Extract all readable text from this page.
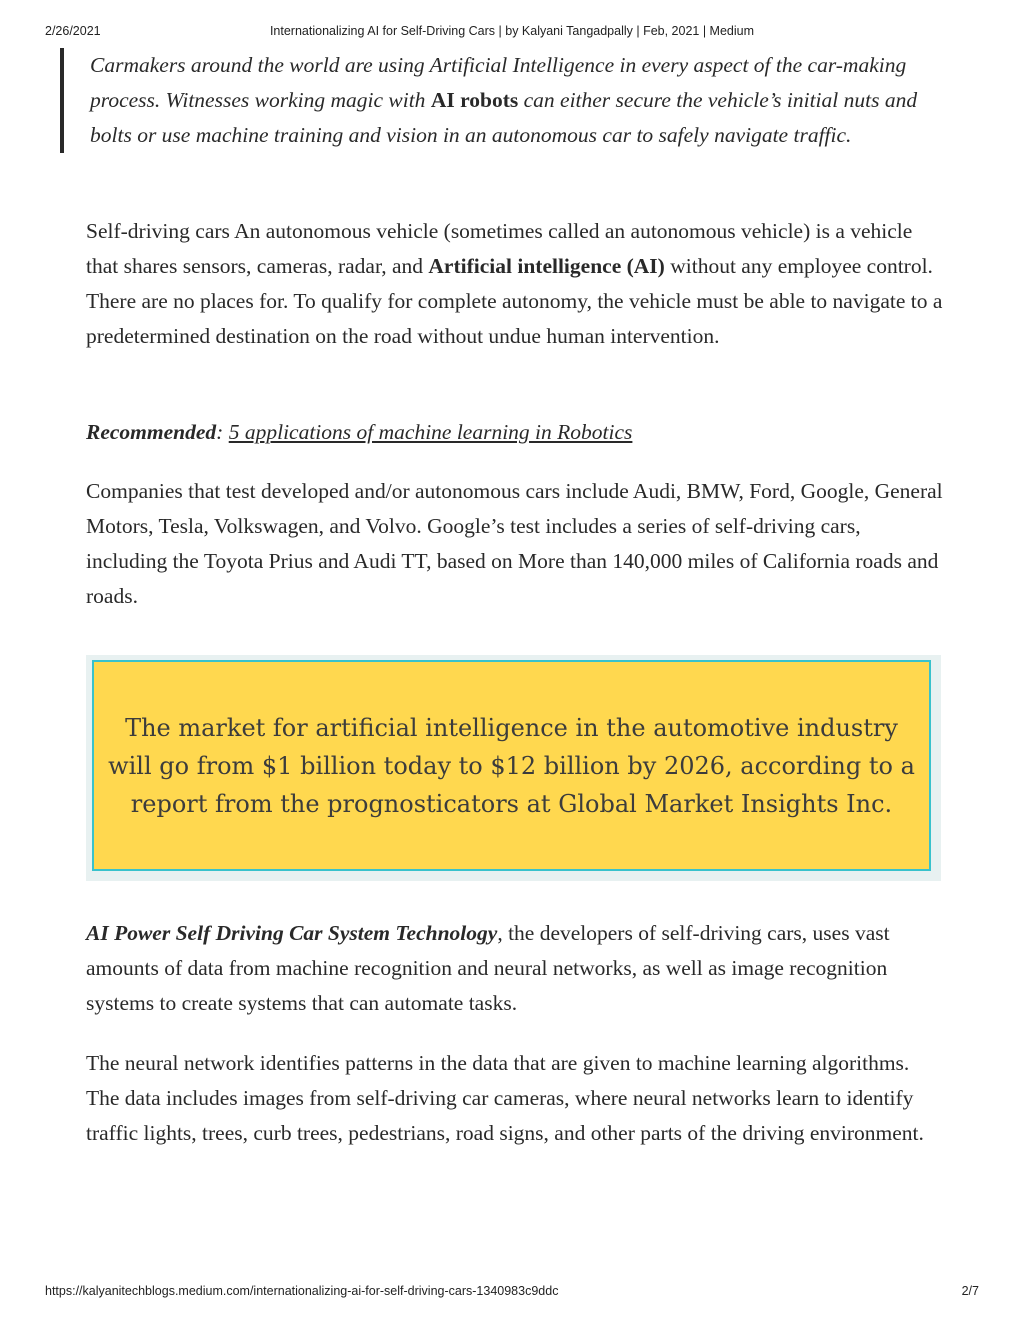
2/26/2021	Internationalizing AI for Self-Driving Cars | by Kalyani Tangadpally | Feb, 2021 | Medium
Carmakers around the world are using Artificial Intelligence in every aspect of the car-making process. Witnesses working magic with AI robots can either secure the vehicle’s initial nuts and bolts or use machine training and vision in an autonomous car to safely navigate traffic.

Self-driving cars An autonomous vehicle (sometimes called an autonomous vehicle) is a vehicle that shares sensors, cameras, radar, and Artificial intelligence (AI) without any employee control. There are no places for. To qualify for complete autonomy, the vehicle must be able to navigate to a predetermined destination on the road without undue human intervention.

Recommended: 5 applications of machine learning in Robotics

Companies that test developed and/or autonomous cars include Audi, BMW, Ford, Google, General Motors, Tesla, Volkswagen, and Volvo. Google’s test includes a series of self-driving cars, including the Toyota Prius and Audi TT, based on More than 140,000 miles of California roads and roads.

The market for artificial intelligence in the automotive industry will go from $1 billion today to $12 billion by 2026, according to a report from the prognosticators at Global Market Insights Inc.

AI Power Self Driving Car System Technology, the developers of self-driving cars, uses vast amounts of data from machine recognition and neural networks, as well as image recognition systems to create systems that can automate tasks.

The neural network identifies patterns in the data that are given to machine learning algorithms. The data includes images from self-driving car cameras, where neural networks learn to identify traffic lights, trees, curb trees, pedestrians, road signs, and other parts of the driving environment.

https://kalyanitechblogs.medium.com/internationalizing-ai-for-self-driving-cars-1340983c9ddc	2/7
